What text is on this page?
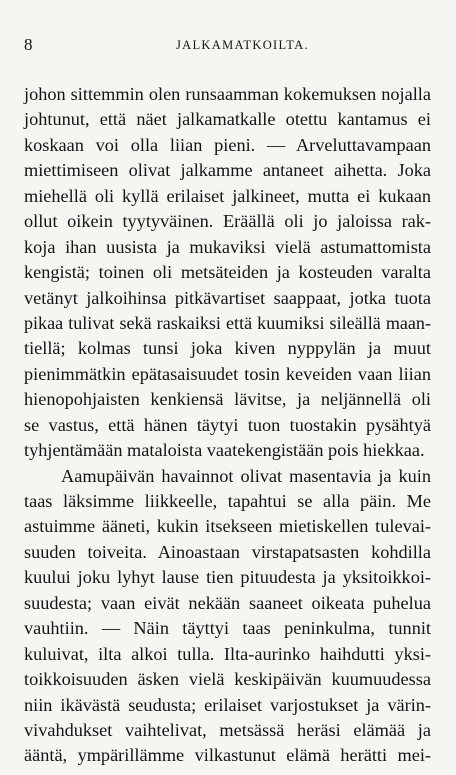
8	JALKAMATKOILTA.
johon sittemmin olen runsaamman kokemuksen nojalla
johtunut, että näet jalkamatkalle otettu kantamus ei
koskaan voi olla liian pieni. — Arveluttavampaan
miettimiseen olivat jalkamme antaneet aihetta. Joka
miehellä oli kyllä erilaiset jalkineet, mutta ei kukaan
ollut oikein tyytyväinen. Eräällä oli jo jaloissa rak-
koja ihan uusista ja mukaviksi vielä astumattomista
kengistä; toinen oli metsäteiden ja kosteuden varalta
vetänyt jalkoihinsa pitkävartiset saappaat, jotka tuota
pikaa tulivat sekä raskaiksi että kuumiksi sileällä maan-
tiellä; kolmas tunsi joka kiven nyppylän ja muut
pienimmätkin epätasaisuudet tosin keveiden vaan liian
hienopohjaisten kenkiensä lävitse, ja neljännellä oli
se vastus, että hänen täytyi tuon tuostakin pysähtyä
tyhjentämään mataloista vaatekengistään pois hiekkaa.
Aamupäivän havainnot olivat masentavia ja kuin
taas läksimme liikkeelle, tapahtui se alla päin. Me
astuimme ääneti, kukin itsekseen mietiskellen tulevai-
suuden toiveita. Ainoastaan virstapatsasten kohdilla
kuului joku lyhyt lause tien pituudesta ja yksitoikkoi-
suudesta; vaan eivät nekään saaneet oikeata puhelua
vauhtiin. — Näin täyttyi taas peninkulma, tunnit
kuluivat, ilta alkoi tulla. Ilta-aurinko haihdutti yksi-
toikkoisuuden äsken vielä keskipäivän kuumuudessa
niin ikävästä seudusta; erilaiset varjostukset ja värin-
vivahdukset vaihtelivat, metsässä heräsi elämää ja
ääntä, ympärillämme vilkastunut elämä herätti mei-
